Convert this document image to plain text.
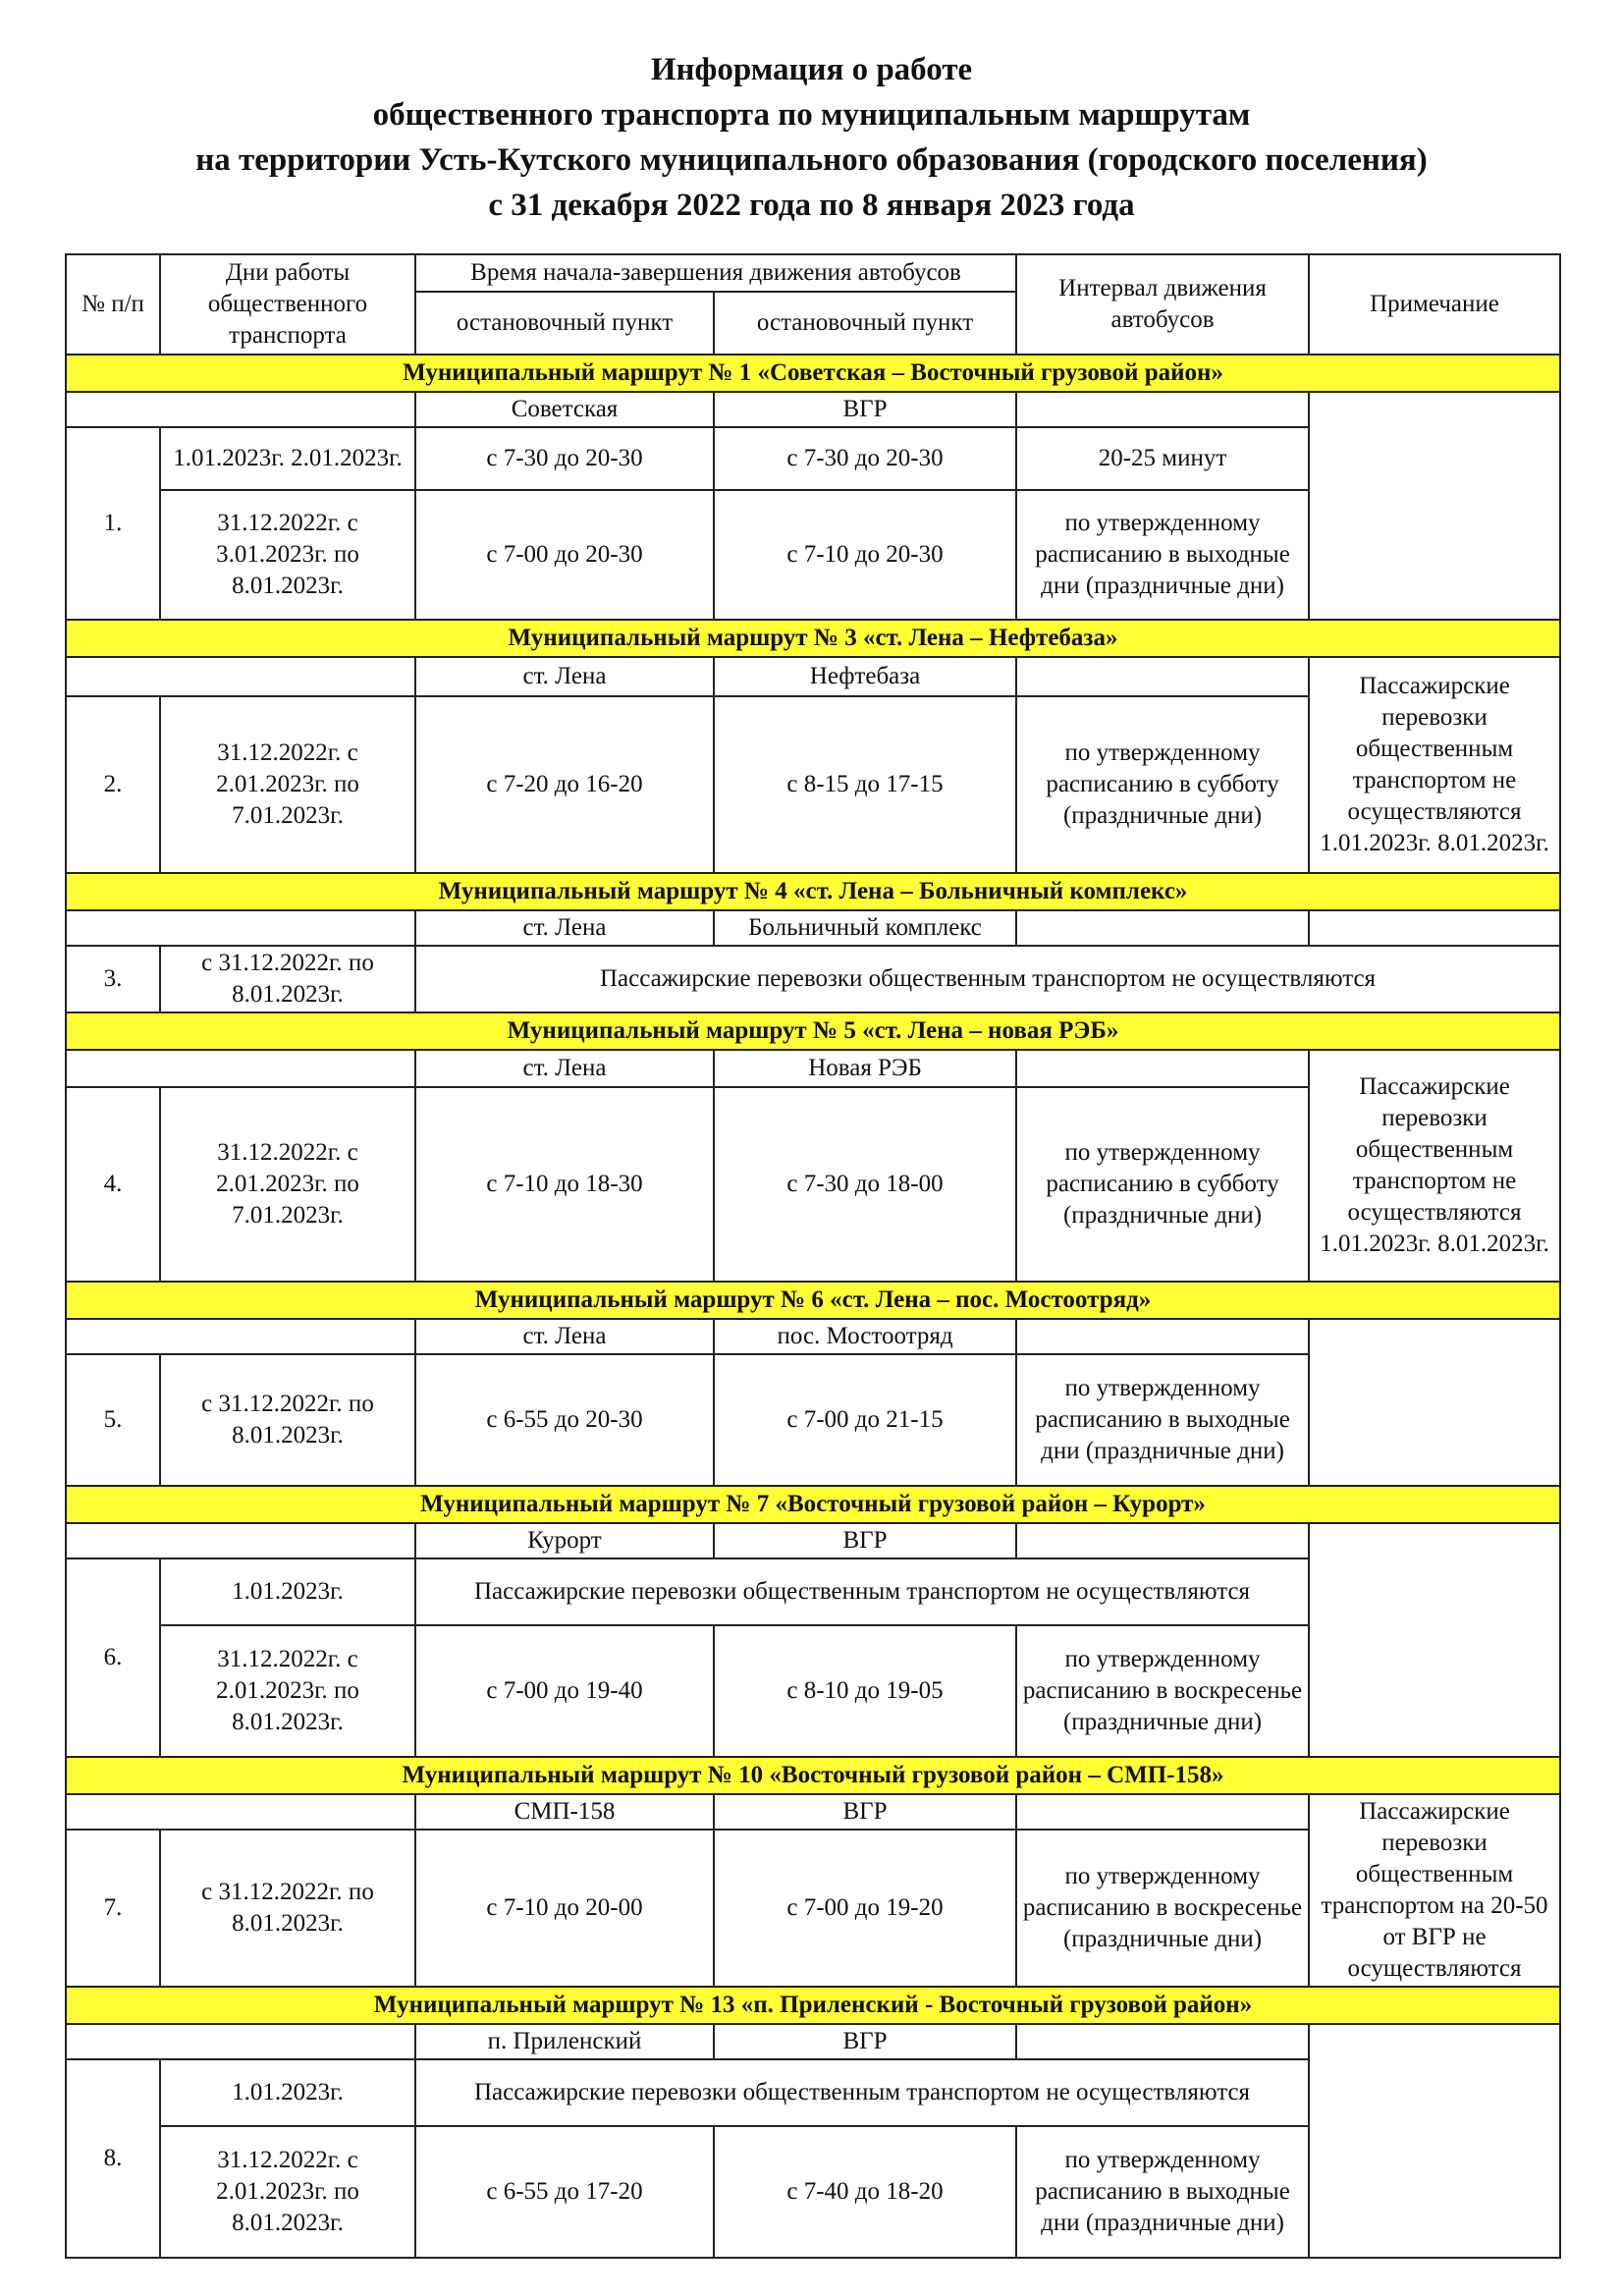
Информация о работе
общественного транспорта по муниципальным маршрутам
на территории Усть-Кутского муниципального образования (городского поселения)
с 31 декабря 2022 года по 8 января 2023 года
№ п/п	Дни работы общественного транспорта	Время начала-завершения движения автобусов		Интервал движения автобусов	Примечание
		остановочный пункт	остановочный пункт		
Муниципальный маршрут № 1 «Советская – Восточный грузовой район»					
		Советская	ВГР		
1.	1.01.2023г. 2.01.2023г.	с 7-30 до 20-30	с 7-30 до 20-30	20-25 минут	
	31.12.2022г. с 3.01.2023г. по 8.01.2023г.	с 7-00 до 20-30	с 7-10 до 20-30	по утвержденному расписанию в выходные дни (праздничные дни)	
Муниципальный маршрут № 3 «ст. Лена – Нефтебаза»					
		ст. Лена	Нефтебаза		Пассажирские перевозки общественным транспортом не осуществляются 1.01.2023г. 8.01.2023г.
2.	31.12.2022г. с 2.01.2023г. по 7.01.2023г.	с 7-20 до 16-20	с 8-15 до 17-15	по утвержденному расписанию в субботу (праздничные дни)	
Муниципальный маршрут № 4 «ст. Лена – Больничный комплекс»					
		ст. Лена	Больничный комплекс		
3.	с 31.12.2022г. по 8.01.2023г.	Пассажирские перевозки общественным транспортом не осуществляются			
Муниципальный маршрут № 5 «ст. Лена – новая РЭБ»					
		ст. Лена	Новая РЭБ		Пассажирские перевозки общественным транспортом не осуществляются 1.01.2023г. 8.01.2023г.
4.	31.12.2022г. с 2.01.2023г. по 7.01.2023г.	с 7-10 до 18-30	с 7-30 до 18-00	по утвержденному расписанию в субботу (праздничные дни)	
Муниципальный маршрут № 6 «ст. Лена – пос. Мостоотряд»					
		ст. Лена	пос. Мостоотряд		
5.	с 31.12.2022г. по 8.01.2023г.	с 6-55 до 20-30	с 7-00 до 21-15	по утвержденному расписанию в выходные дни (праздничные дни)	
Муниципальный маршрут № 7 «Восточный грузовой район – Курорт»					
		Курорт	ВГР		
6.	1.01.2023г.	Пассажирские перевозки общественным транспортом не осуществляются			
	31.12.2022г. с 2.01.2023г. по 8.01.2023г.	с 7-00 до 19-40	с 8-10 до 19-05	по утвержденному расписанию в воскресенье (праздничные дни)	
Муниципальный маршрут № 10 «Восточный грузовой район – СМП-158»					
		СМП-158	ВГР		Пассажирские перевозки общественным транспортом на 20-50 от ВГР не осуществляются
7.	с 31.12.2022г. по 8.01.2023г.	с 7-10 до 20-00	с 7-00 до 19-20	по утвержденному расписанию в воскресенье (праздничные дни)	
Муниципальный маршрут № 13 «п. Приленский - Восточный грузовой район»					
		п. Приленский	ВГР		
8.	1.01.2023г.	Пассажирские перевозки общественным транспортом не осуществляются			
	31.12.2022г. с 2.01.2023г. по 8.01.2023г.	с 6-55 до 17-20	с 7-40 до 18-20	по утвержденному расписанию в выходные дни (праздничные дни)	
